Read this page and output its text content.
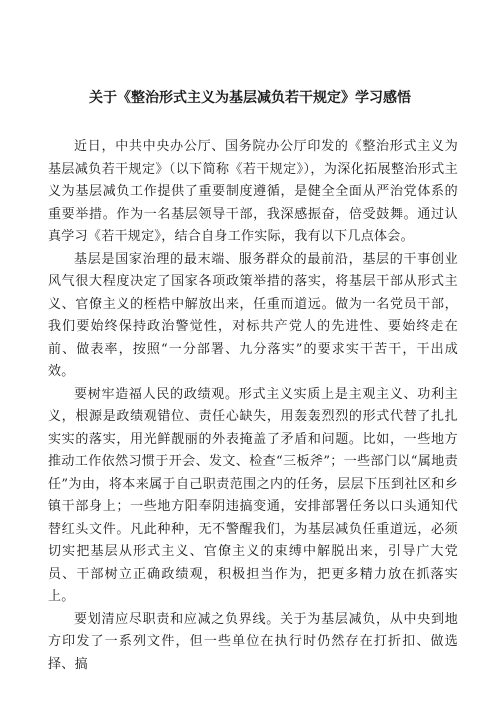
关于《整治形式主义为基层减负若干规定》学习感悟

近日，中共中央办公厅、国务院办公厅印发的《整治形式主义为基层减负若干规定》（以下简称《若干规定》），为深化拓展整治形式主义为基层减负工作提供了重要制度遵循，是健全全面从严治党体系的重要举措。作为一名基层领导干部，我深感振奋，倍受鼓舞。通过认真学习《若干规定》，结合自身工作实际，我有以下几点体会。

基层是国家治理的最末端、服务群众的最前沿，基层的干事创业风气很大程度决定了国家各项政策举措的落实，将基层干部从形式主义、官僚主义的桎梏中解放出来，任重而道远。做为一名党员干部，我们要始终保持政治警觉性，对标共产党人的先进性、要始终走在前、做表率，按照“一分部署、九分落实”的要求实干苦干，干出成效。

要树牢造福人民的政绩观。形式主义实质上是主观主义、功利主义，根源是政绩观错位、责任心缺失，用轰轰烈烈的形式代替了扎扎实实的落实，用光鲜靓丽的外表掩盖了矛盾和问题。比如，一些地方推动工作依然习惯于开会、发文、检查“三板斧”；一些部门以“属地责任”为由，将本来属于自己职责范围之内的任务，层层下压到社区和乡镇干部身上；一些地方阳奉阴违搞变通，安排部署任务以口头通知代替红头文件。凡此种种，无不警醒我们，为基层减负任重道远，必须切实把基层从形式主义、官僚主义的束缚中解脱出来，引导广大党员、干部树立正确政绩观，积极担当作为，把更多精力放在抓落实上。

要划清应尽职责和应减之负界线。关于为基层减负，从中央到地方印发了一系列文件，但一些单位在执行时仍然存在打折扣、做选择、搞
